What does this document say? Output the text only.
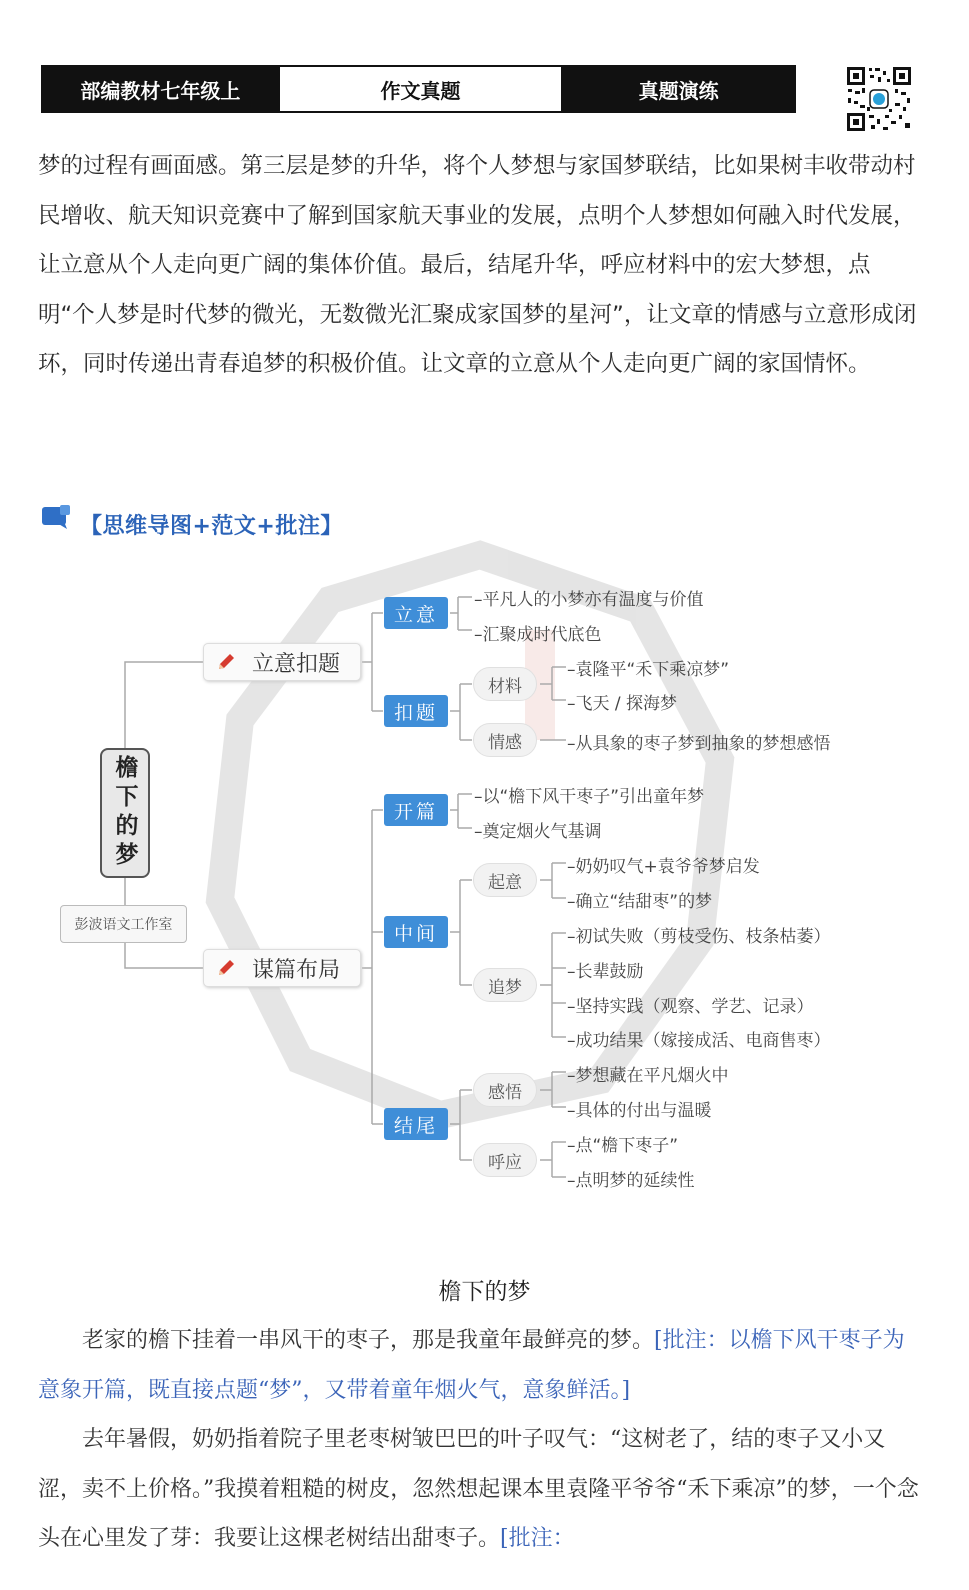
部编教材七年级上	作文真题	真题演练

梦的过程有画面感。第三层是梦的升华，将个人梦想与家国梦联结，比如果树丰收带动村民增收、航天知识竞赛中了解到国家航天事业的发展，点明个人梦想如何融入时代发展，让立意从个人走向更广阔的集体价值。最后，结尾升华，呼应材料中的宏大梦想，点明“个人梦是时代梦的微光，无数微光汇聚成家国梦的星河”，让文章的情感与立意形成闭环，同时传递出青春追梦的积极价值。让文章的立意从个人走向更广阔的家国情怀。

【思维导图+范文+批注】
檐下的梦
彭波语文工作室
立意扣题
谋篇布局
立意
扣题
开篇
中间
结尾
材料
情感
起意
追梦
感悟
呼应
–平凡人的小梦亦有温度与价值
–汇聚成时代底色
–袁隆平“禾下乘凉梦”
–飞天 / 探海梦
–从具象的枣子梦到抽象的梦想感悟
–以“檐下风干枣子”引出童年梦
–奠定烟火气基调
–奶奶叹气+袁爷爷梦启发
–确立“结甜枣”的梦
–初试失败（剪枝受伤、枝条枯萎）
–长辈鼓励
–坚持实践（观察、学艺、记录）
–成功结果（嫁接成活、电商售枣）
–梦想藏在平凡烟火中
–具体的付出与温暖
–点“檐下枣子”
–点明梦的延续性
檐下的梦

老家的檐下挂着一串风干的枣子，那是我童年最鲜亮的梦。[批注：以檐下风干枣子为意象开篇，既直接点题“梦”，又带着童年烟火气，意象鲜活。]

去年暑假，奶奶指着院子里老枣树皱巴巴的叶子叹气：“这树老了，结的枣子又小又涩，卖不上价格。”我摸着粗糙的树皮，忽然想起课本里袁隆平爷爷“禾下乘凉”的梦，一个念头在心里发了芽：我要让这棵老树结出甜枣子。[批注：
